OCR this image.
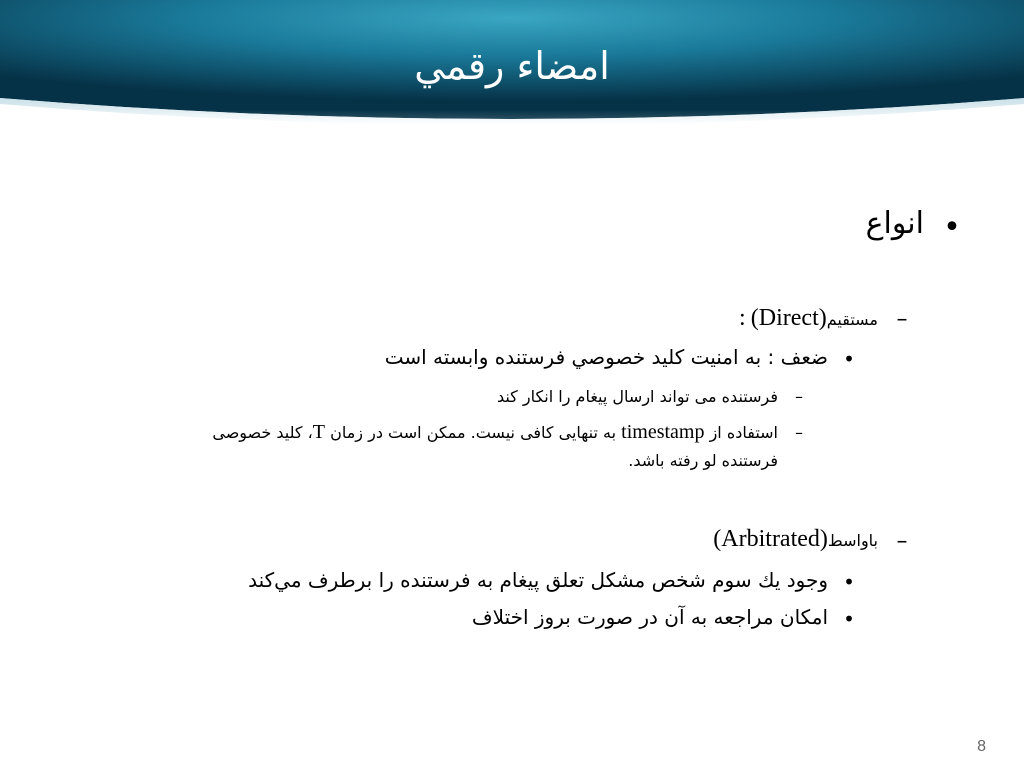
امضاء رقمي
•
انواع
–
مستقيم(Direct) :
•
ضعف : به امنيت كليد خصوصي فرستنده وابسته است
–
فرستنده می تواند ارسال پیغام را انکار کند
–
استفاده از timestamp به تنهایی کافی نیست. ممکن است در زمان T، کلید خصوصی
فرستنده لو رفته باشد.
–
باواسط(Arbitrated)
•
وجود يك سوم شخص مشكل تعلق پيغام به فرستنده را برطرف مي‌كند
•
امكان مراجعه به آن در صورت بروز اختلاف
8
